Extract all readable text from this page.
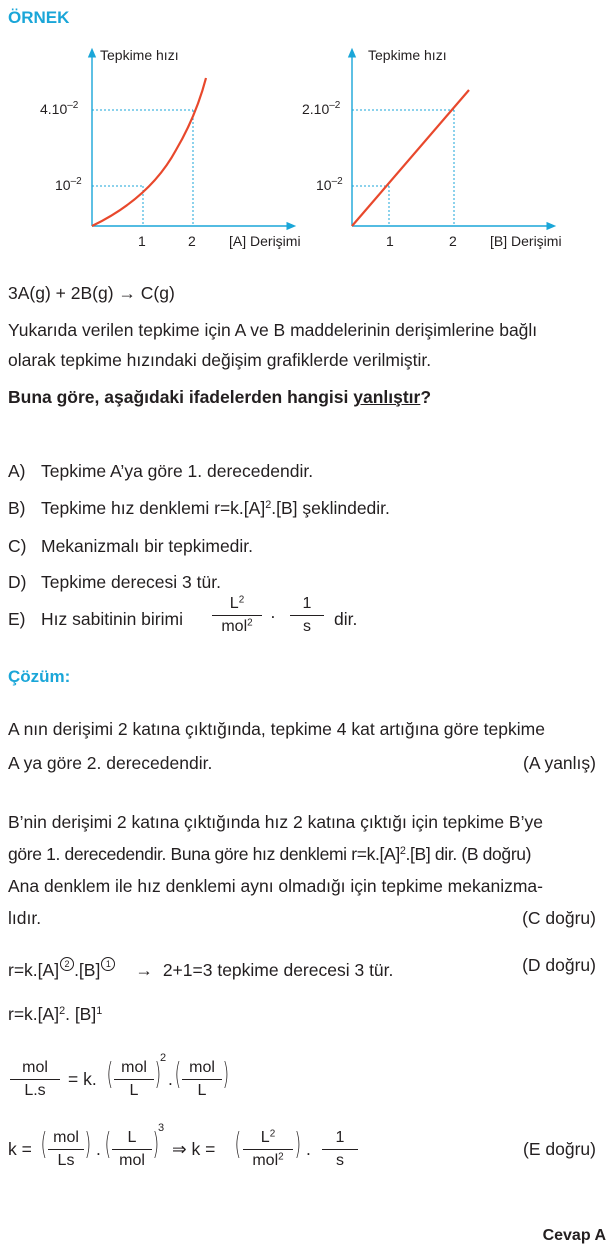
ÖRNEK
Tepkime hızı
$4.10^{-2}$
$10^{-2}$
1	2 [A] Derişimi
Tepkime hızı
$2.10^{-2}$
$10^{-2}$
1	2 [B] Derişimi
3A(g) + 2B(g) → C(g)
Yukarıda verilen tepkime için A ve B maddelerinin derişimlerine bağlı
olarak tepkime hızındaki değişim grafiklerde verilmiştir.
Buna göre, aşağıdaki ifadelerden hangisi yanlıştır?
A) Tepkime A’ya göre 1. derecedendir.
B) Tepkime hız denklemi $r=k.[A]^2.[B]$ şeklindedir.
C) Mekanizmalı bir tepkimedir.
D) Tepkime derecesi 3 tür.
E) Hız sabitinin birimi
$L^2$
mol$^2$ ·
1
s	dir.
Çözüm:
A nın derişimi 2 katına çıktığında, tepkime 4 kat artığına göre tepkime
A ya göre 2. derecedendir.	(A yanlış)
B’nin derişimi 2 katına çıktığında hız 2 katına çıktığı için tepkime B’ye
göre 1. derecedendir. Buna göre hız denklemi $r=k.[A]^2.[B]$ dir. (B doğru)
Ana denklem ile hız denklemi aynı olmadığı için tepkime mekanizma-
lıdır.	(C doğru)
r=k.[A] 2 .[B] 1 → 2+1=3 tepkime derecesi 3 tür.	(D doğru)
$r=k.[A]^2$. $[B]^1$
mol
L.s
= k. ( mol
L )
2
. ( mol
L )
k = ( mol
Ls ) . (	L
mol )
3
⇒ k = (	$L^2$
mol$^2$ ) .
1
s
(E doğru)
Cevap A
